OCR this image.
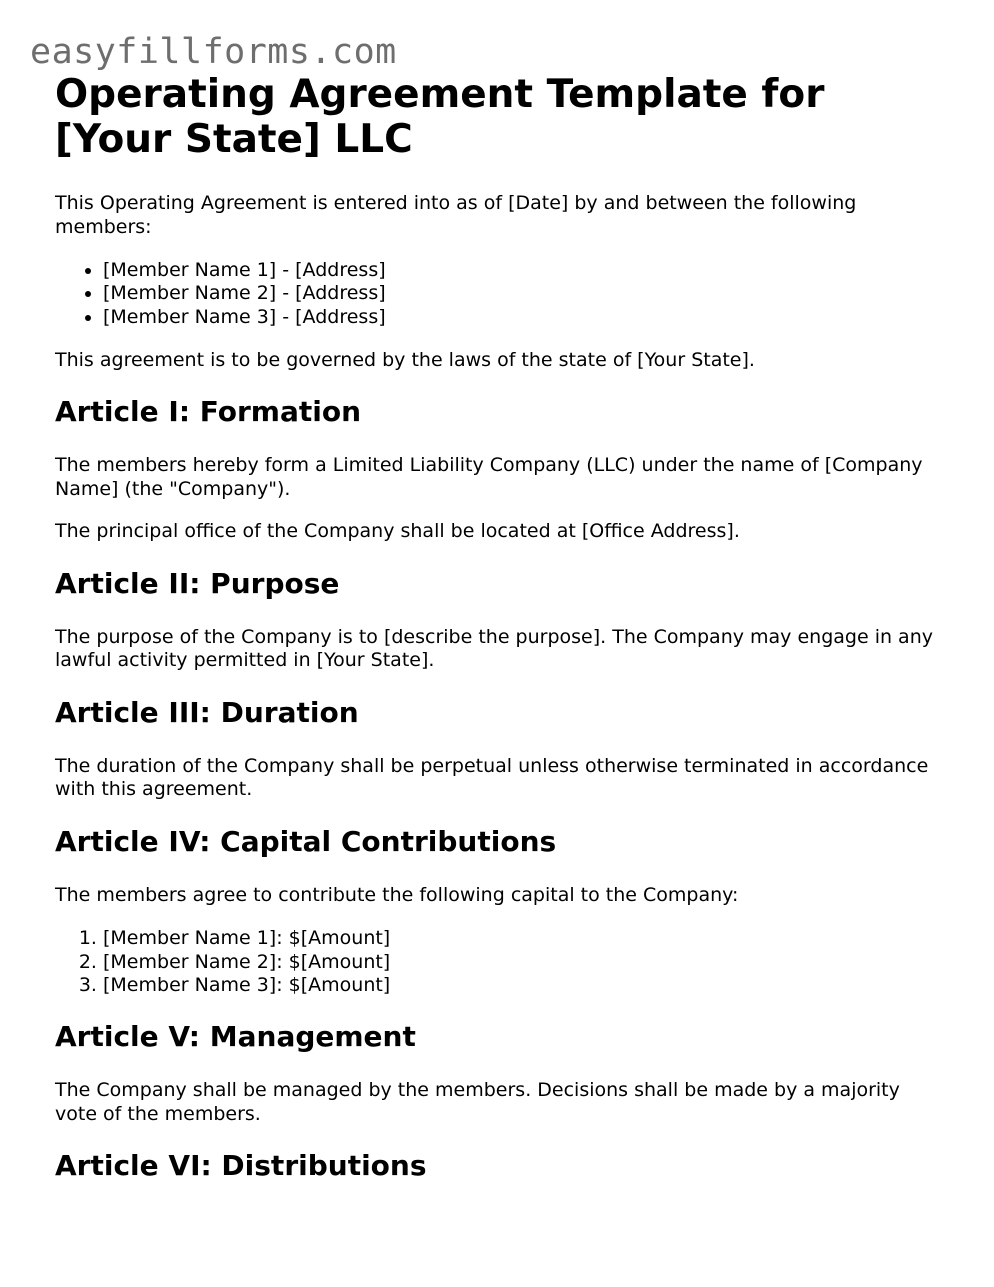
easyfillforms.com
Operating Agreement Template for
[Your State] LLC

This Operating Agreement is entered into as of [Date] by and between the following members:

• [Member Name 1] - [Address]
• [Member Name 2] - [Address]
• [Member Name 3] - [Address]

This agreement is to be governed by the laws of the state of [Your State].

Article I: Formation

The members hereby form a Limited Liability Company (LLC) under the name of [Company Name] (the "Company").

The principal office of the Company shall be located at [Office Address].

Article II: Purpose

The purpose of the Company is to [describe the purpose]. The Company may engage in any lawful activity permitted in [Your State].

Article III: Duration

The duration of the Company shall be perpetual unless otherwise terminated in accordance with this agreement.

Article IV: Capital Contributions

The members agree to contribute the following capital to the Company:

1. [Member Name 1]: $[Amount]
2. [Member Name 2]: $[Amount]
3. [Member Name 3]: $[Amount]
Article V: Management

The Company shall be managed by the members. Decisions shall be made by a majority vote of the members.

Article VI: Distributions
